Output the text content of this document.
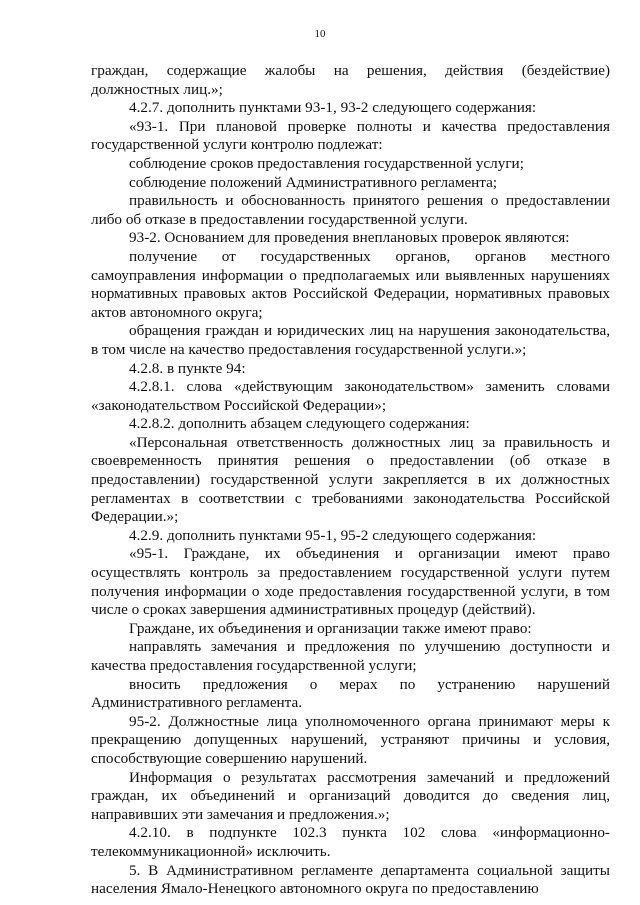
10

граждан, содержащие жалобы на решения, действия (бездействие) должностных лиц.»;

4.2.7. дополнить пунктами 93-1, 93-2 следующего содержания:

«93-1. При плановой проверке полноты и качества предоставления государственной услуги контролю подлежат:

соблюдение сроков предоставления государственной услуги;

соблюдение положений Административного регламента;

правильность и обоснованность принятого решения о предоставлении либо об отказе в предоставлении государственной услуги.

93-2. Основанием для проведения внеплановых проверок являются:

получение от государственных органов, органов местного самоуправления информации о предполагаемых или выявленных нарушениях нормативных правовых актов Российской Федерации, нормативных правовых актов автономного округа;

обращения граждан и юридических лиц на нарушения законодательства, в том числе на качество предоставления государственной услуги.»;

4.2.8. в пункте 94:

4.2.8.1. слова «действующим законодательством» заменить словами «законодательством Российской Федерации»;

4.2.8.2. дополнить абзацем следующего содержания:

«Персональная ответственность должностных лиц за правильность и своевременность принятия решения о предоставлении (об отказе в предоставлении) государственной услуги закрепляется в их должностных регламентах в соответствии с требованиями законодательства Российской Федерации.»;

4.2.9. дополнить пунктами 95-1, 95-2 следующего содержания:

«95-1. Граждане, их объединения и организации имеют право осуществлять контроль за предоставлением государственной услуги путем получения информации о ходе предоставления государственной услуги, в том числе о сроках завершения административных процедур (действий).

Граждане, их объединения и организации также имеют право:

направлять замечания и предложения по улучшению доступности и качества предоставления государственной услуги;

вносить предложения о мерах по устранению нарушений Административного регламента.

95-2. Должностные лица уполномоченного органа принимают меры к прекращению допущенных нарушений, устраняют причины и условия, способствующие совершению нарушений.

Информация о результатах рассмотрения замечаний и предложений граждан, их объединений и организаций доводится до сведения лиц, направивших эти замечания и предложения.»;

4.2.10. в подпункте 102.3 пункта 102 слова «информационно-телекоммуникационной» исключить.

5. В Административном регламенте департамента социальной защиты населения Ямало-Ненецкого автономного округа по предоставлению
